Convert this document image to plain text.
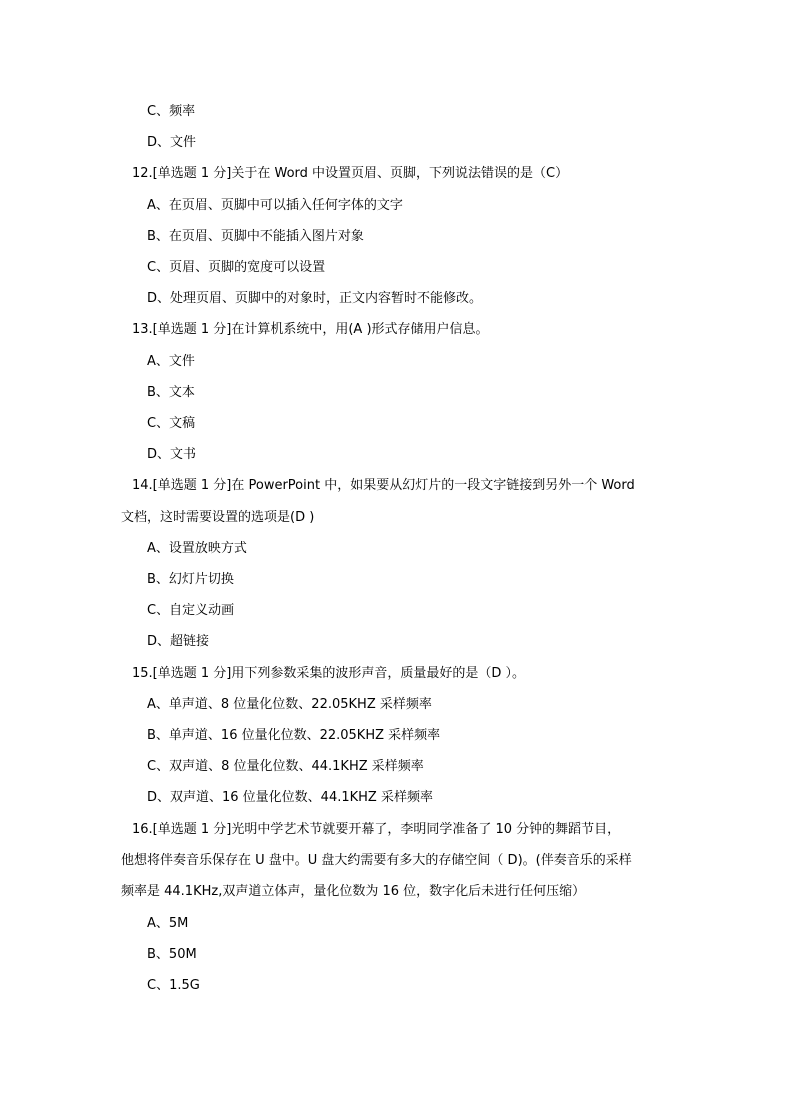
C、频率
D、文件
12.[单选题 1 分]关于在 Word 中设置页眉、页脚，下列说法错误的是（C）
A、在页眉、页脚中可以插入任何字体的文字
B、在页眉、页脚中不能插入图片对象
C、页眉、页脚的宽度可以设置
D、处理页眉、页脚中的对象时，正文内容暂时不能修改。
13.[单选题 1 分]在计算机系统中，用(A )形式存储用户信息。
A、文件
B、文本
C、文稿
D、文书
14.[单选题 1 分]在 PowerPoint 中，如果要从幻灯片的一段文字链接到另外一个 Word
文档，这时需要设置的选项是(D )
A、设置放映方式
B、幻灯片切换
C、自定义动画
D、超链接
15.[单选题 1 分]用下列参数采集的波形声音，质量最好的是（D ）。
A、单声道、8 位量化位数、22.05KHZ 采样频率
B、单声道、16 位量化位数、22.05KHZ 采样频率
C、双声道、8 位量化位数、44.1KHZ 采样频率
D、双声道、16 位量化位数、44.1KHZ 采样频率
16.[单选题 1 分]光明中学艺术节就要开幕了，李明同学准备了 10 分钟的舞蹈节目，
他想将伴奏音乐保存在 U 盘中。U 盘大约需要有多大的存储空间（ D)。(伴奏音乐的采样
频率是 44.1KHz,双声道立体声，量化位数为 16 位，数字化后未进行任何压缩）
A、5M
B、50M
C、1.5G
